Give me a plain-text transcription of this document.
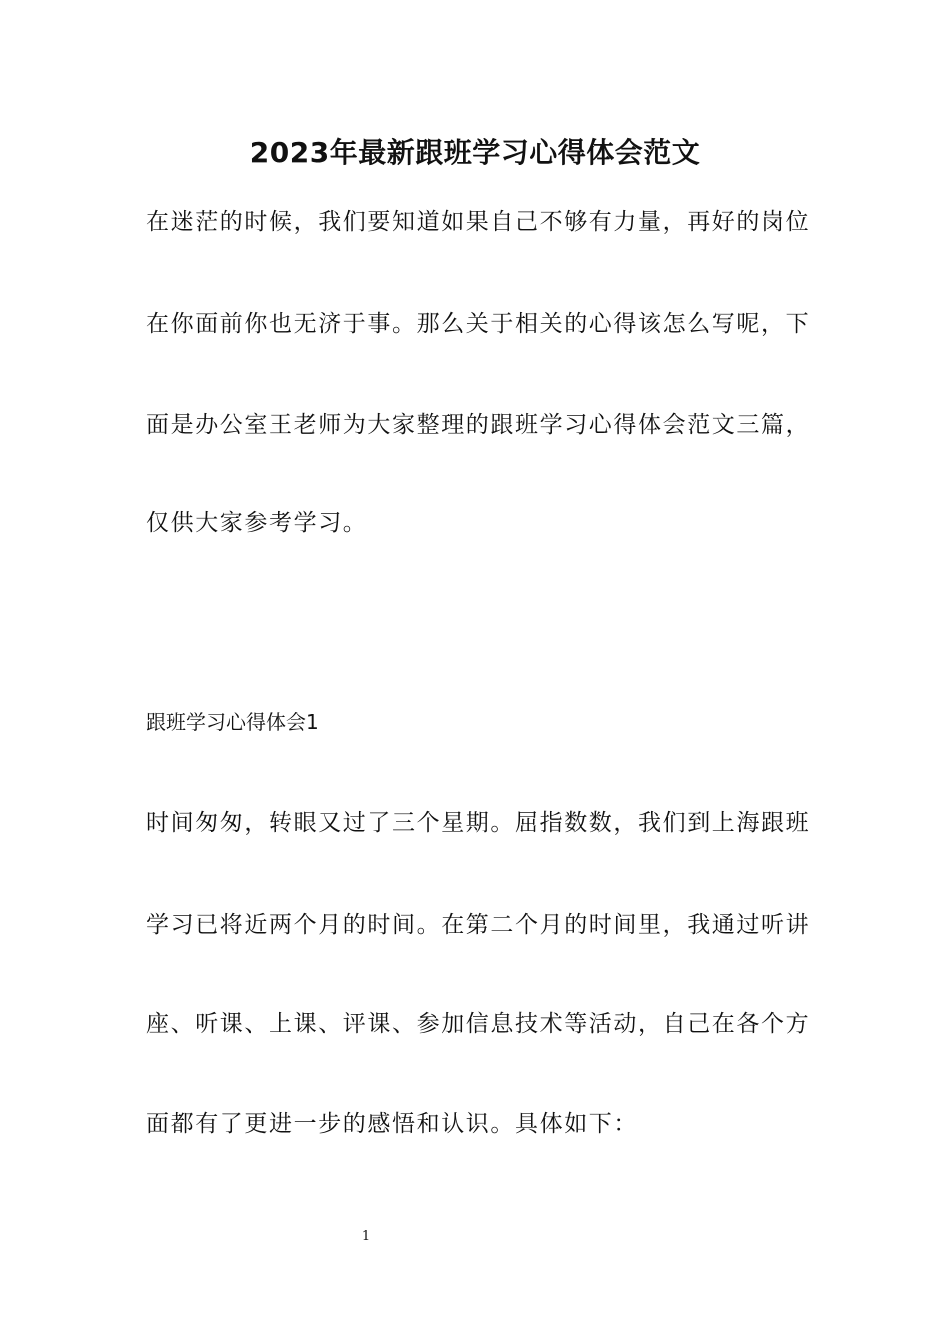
2023年最新跟班学习心得体会范文
在迷茫的时候，我们要知道如果自己不够有力量，再好的岗位
在你面前你也无济于事。那么关于相关的心得该怎么写呢，下
面是办公室王老师为大家整理的跟班学习心得体会范文三篇，
仅供大家参考学习。
跟班学习心得体会1
时间匆匆，转眼又过了三个星期。屈指数数，我们到上海跟班
学习已将近两个月的时间。在第二个月的时间里，我通过听讲
座、听课、上课、评课、参加信息技术等活动，自己在各个方
面都有了更进一步的感悟和认识。具体如下：
1
